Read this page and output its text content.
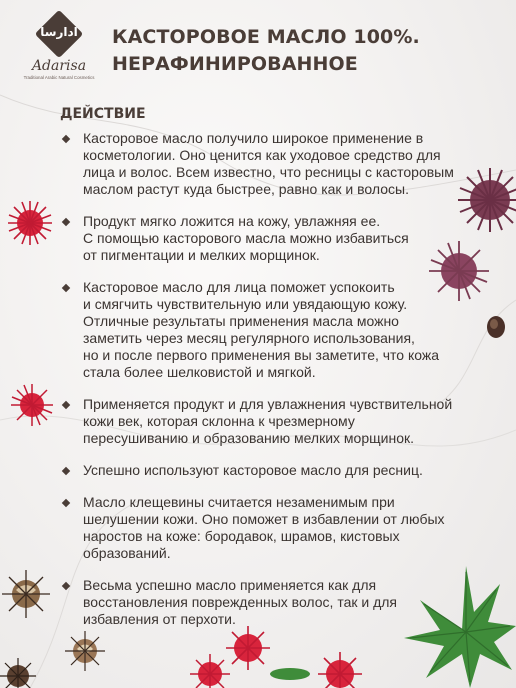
ادارسا
Adarisa
Traditional Arabic Natural Cosmetics
КАСТОРОВОЕ МАСЛО 100%.
НЕРАФИНИРОВАННОЕ
ДЕЙСТВИЕ
Касторовое масло получило широкое применение в
косметологии. Оно ценится как уходовое средство для
лица и волос. Всем известно, что ресницы с касторовым
маслом растут куда быстрее, равно как и волосы.
Продукт мягко ложится на кожу, увлажняя ее.
С помощью касторового масла можно избавиться
от пигментации и мелких морщинок.
Касторовое масло для лица поможет успокоить
и смягчить чувствительную или увядающую кожу.
Отличные результаты применения масла можно
заметить через месяц регулярного использования,
но и после первого применения вы заметите, что кожа
стала более шелковистой и мягкой.
Применяется продукт и для увлажнения чувствительной
кожи век, которая склонна к чрезмерному
пересушиванию и образованию мелких морщинок.
Успешно используют касторовое масло для ресниц.
Масло клещевины считается незаменимым при
шелушении кожи. Оно поможет в избавлении от любых
наростов на коже: бородавок, шрамов, кистовых
образований.
Весьма успешно масло применяется как для
восстановления поврежденных волос, так и для
избавления от перхоти.
